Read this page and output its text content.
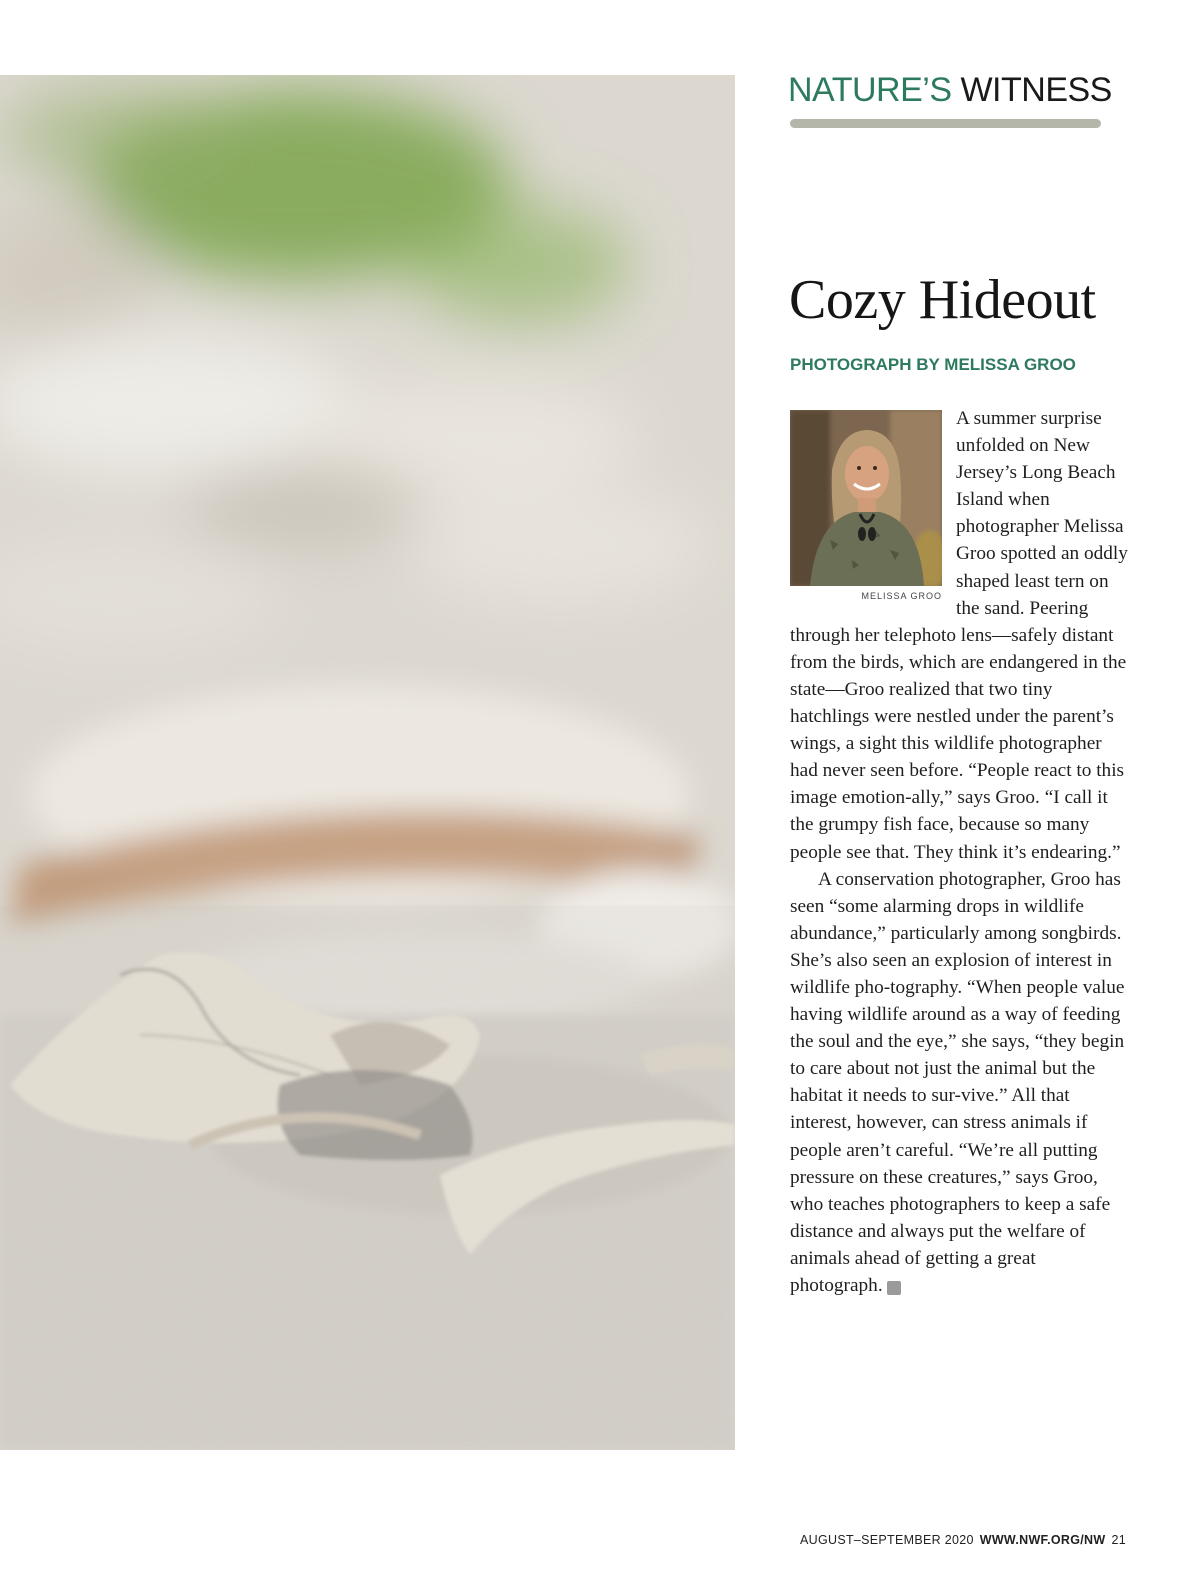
NATURE’S WITNESS
Cozy Hideout
PHOTOGRAPH BY MELISSA GROO
MELISSA GROO

A summer surprise unfolded on New Jersey’s Long Beach Island when photographer Melissa Groo spotted an oddly shaped least tern on the sand. Peering through her telephoto lens—safely distant from the birds, which are endangered in the state—Groo realized that two tiny hatchlings were nestled under the parent’s wings, a sight this wildlife photographer had never seen before. “People react to this image emotion-ally,” says Groo. “I call it the grumpy fish face, because so many people see that. They think it’s endearing.”

A conservation photographer, Groo has seen “some alarming drops in wildlife abundance,” particularly among songbirds. She’s also seen an explosion of interest in wildlife pho-tography. “When people value having wildlife around as a way of feeding the soul and the eye,” she says, “they begin to care about not just the animal but the habitat it needs to sur-vive.” All that interest, however, can stress animals if people aren’t careful. “We’re all putting pressure on these creatures,” says Groo, who teaches photographers to keep a safe distance and always put the welfare of animals ahead of getting a great photograph.	W

AUGUST–SEPTEMBER 2020 WWW.NWF.ORG/NW 21
